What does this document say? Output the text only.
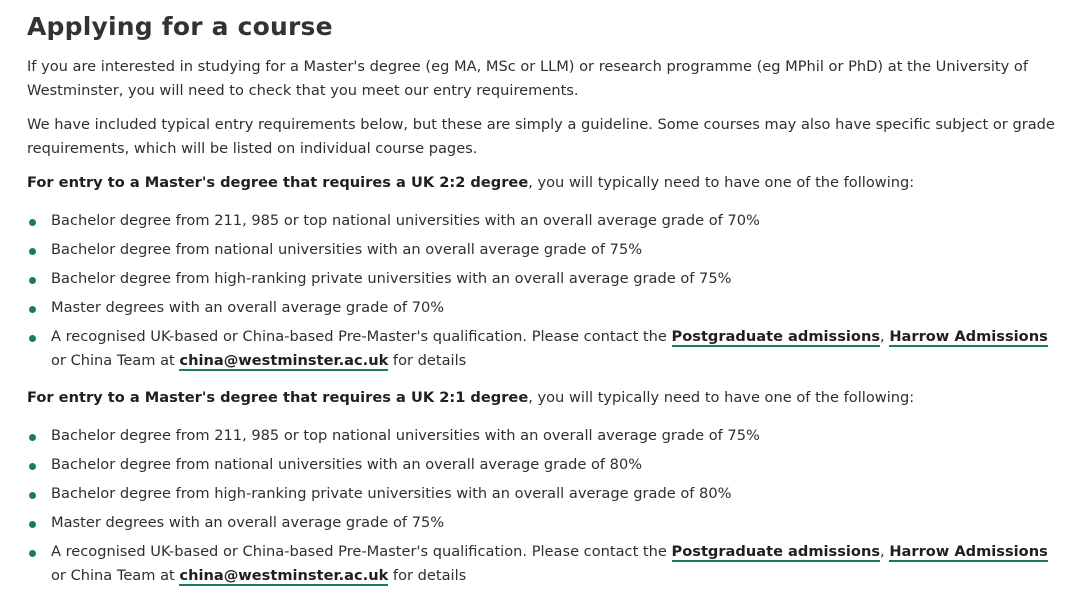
Applying for a course

If you are interested in studying for a Master's degree (eg MA, MSc or LLM) or research programme (eg MPhil or PhD) at the University of Westminster, you will need to check that you meet our entry requirements.

We have included typical entry requirements below, but these are simply a guideline. Some courses may also have specific subject or grade requirements, which will be listed on individual course pages.

For entry to a Master's degree that requires a UK 2:2 degree, you will typically need to have one of the following:

Bachelor degree from 211, 985 or top national universities with an overall average grade of 70%
Bachelor degree from national universities with an overall average grade of 75%
Bachelor degree from high-ranking private universities with an overall average grade of 75%
Master degrees with an overall average grade of 70%
A recognised UK-based or China-based Pre-Master's qualification. Please contact the Postgraduate admissions, Harrow Admissions or China Team at china@westminster.ac.uk for details

For entry to a Master's degree that requires a UK 2:1 degree, you will typically need to have one of the following:

Bachelor degree from 211, 985 or top national universities with an overall average grade of 75%
Bachelor degree from national universities with an overall average grade of 80%
Bachelor degree from high-ranking private universities with an overall average grade of 80%
Master degrees with an overall average grade of 75%
A recognised UK-based or China-based Pre-Master's qualification. Please contact the Postgraduate admissions, Harrow Admissions or China Team at china@westminster.ac.uk for details
